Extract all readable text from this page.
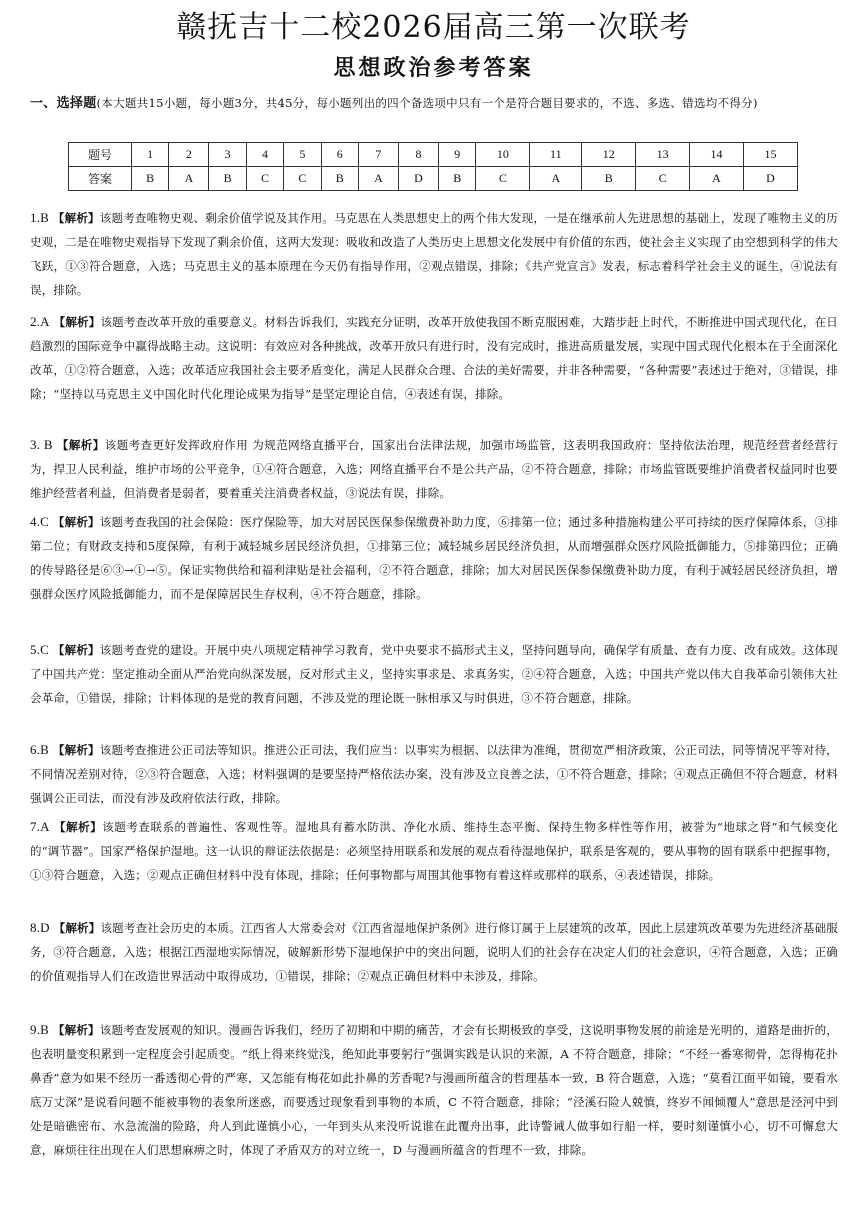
赣抚吉十二校2026届高三第一次联考
思想政治参考答案
一、选择题(本大题共15小题，每小题3分，共45分，每小题列出的四个备选项中只有一个是符合题目要求的，不选、多选、错选均不得分)
题号	1	2	3	4	5	6	7	8	9	10	11	12	13	14	15
答案	B	A	B	C	C	B	A	D	B	C	A	B	C	A	D
1.B 【解析】该题考查唯物史观、剩余价值学说及其作用。马克思在人类思想史上的两个伟大发现，一是在继承前人先进思想的基础上，发现了唯物主义的历史观，二是在唯物史观指导下发现了剩余价值，这两大发现：吸收和改造了人类历史上思想文化发展中有价值的东西，使社会主义实现了由空想到科学的伟大飞跃，①③符合题意，入选；马克思主义的基本原理在今天仍有指导作用，②观点错误，排除；《共产党宣言》发表，标志着科学社会主义的诞生，④说法有误，排除。
2.A 【解析】该题考查改革开放的重要意义。材料告诉我们，实践充分证明，改革开放使我国不断克服困难，大踏步赶上时代，不断推进中国式现代化，在日趋激烈的国际竞争中赢得战略主动。这说明：有效应对各种挑战，改革开放只有进行时，没有完成时，推进高质量发展，实现中国式现代化根本在于全面深化改革，①②符合题意，入选；改革适应我国社会主要矛盾变化，满足人民群众合理、合法的美好需要，并非各种需要，“各种需要”表述过于绝对，③错误，排除；“坚持以马克思主义中国化时代化理论成果为指导”是坚定理论自信，④表述有误，排除。
3. B 【解析】该题考查更好发挥政府作用 为规范网络直播平台，国家出台法律法规，加强市场监管，这表明我国政府：坚持依法治理，规范经营者经营行为，捍卫人民利益，维护市场的公平竞争，①④符合题意，入选；网络直播平台不是公共产品，②不符合题意，排除；市场监管既要维护消费者权益同时也要维护经营者利益，但消费者是弱者，要着重关注消费者权益，③说法有误，排除。
4.C 【解析】该题考查我国的社会保险：医疗保险等，加大对居民医保参保缴费补助力度，⑥排第一位；通过多种措施构建公平可持续的医疗保障体系，③排第二位；有财政支持和5度保障，有利于减轻城乡居民经济负担，①排第三位；减轻城乡居民经济负担，从而增强群众医疗风险抵御能力，⑤排第四位；正确的传导路径是⑥③→①→⑤。保证实物供给和福利津贴是社会福利，②不符合题意，排除；加大对居民医保参保缴费补助力度，有利于减轻居民经济负担，增强群众医疗风险抵御能力，而不是保障居民生存权利，④不符合题意，排除。
5.C 【解析】该题考查党的建设。开展中央八项规定精神学习教育，党中央要求不搞形式主义，坚持问题导向，确保学有质量、查有力度、改有成效。这体现了中国共产党：坚定推动全面从严治党向纵深发展，反对形式主义，坚持实事求是、求真务实，②④符合题意，入选；中国共产党以伟大自我革命引领伟大社会革命，①错误，排除；计料体现的是党的教育问题，不涉及党的理论既一脉相承又与时俱进，③不符合题意，排除。
6.B 【解析】该题考查推进公正司法等知识。推进公正司法，我们应当：以事实为根据、以法律为准绳，贯彻宽严相济政策，公正司法，同等情况平等对待，不同情况差别对待，②③符合题意，入选；材料强调的是要坚持严格依法办案，没有涉及立良善之法，①不符合题意，排除；④观点正确但不符合题意，材料强调公正司法，而没有涉及政府依法行政，排除。
7.A 【解析】该题考查联系的普遍性、客观性等。湿地具有蓄水防洪、净化水质、维持生态平衡、保持生物多样性等作用，被誉为“地球之肾”和气候变化的“调节器”。国家严格保护湿地。这一认识的辩证法依据是：必须坚持用联系和发展的观点看待湿地保护，联系是客观的，要从事物的固有联系中把握事物，①③符合题意，入选；②观点正确但材料中没有体现，排除；任何事物都与周围其他事物有着这样或那样的联系，④表述错误，排除。
8.D 【解析】该题考查社会历史的本质。江西省人大常委会对《江西省湿地保护条例》进行修订属于上层建筑的改革，因此上层建筑改革要为先进经济基础服务，③符合题意，入选；根据江西湿地实际情况，破解新形势下湿地保护中的突出问题，说明人们的社会存在决定人们的社会意识，④符合题意，入选；正确的价值观指导人们在改造世界活动中取得成功，①错误，排除；②观点正确但材料中未涉及，排除。
9.B 【解析】该题考查发展观的知识。漫画告诉我们，经历了初期和中期的痛苦，才会有长期极致的享受，这说明事物发展的前途是光明的，道路是曲折的，也表明量变积累到一定程度会引起质变。“纸上得来终觉浅，绝知此事要躬行”强调实践是认识的来源，A 不符合题意，排除；“不经一番寒彻骨，怎得梅花扑鼻香”意为如果不经历一番透彻心骨的严寒，又怎能有梅花如此扑鼻的芳香呢?与漫画所蕴含的哲理基本一致，B 符合题意，入选；“莫看江面平如镜，要看水底万丈深”是说看问题不能被事物的表象所迷惑，而要透过现象看到事物的本质，C 不符合题意，排除；“泾溪石险人兢慎，终岁不闻倾覆人”意思是泾河中到处是暗礁密布、水急流湍的险路，舟人到此谨慎小心，一年到头从来没听说谁在此覆舟出事，此诗警诫人做事如行船一样，要时刻谨慎小心，切不可懈怠大意，麻烦往往出现在人们思想麻痹之时，体现了矛盾双方的对立统一，D 与漫画所蕴含的哲理不一致，排除。
